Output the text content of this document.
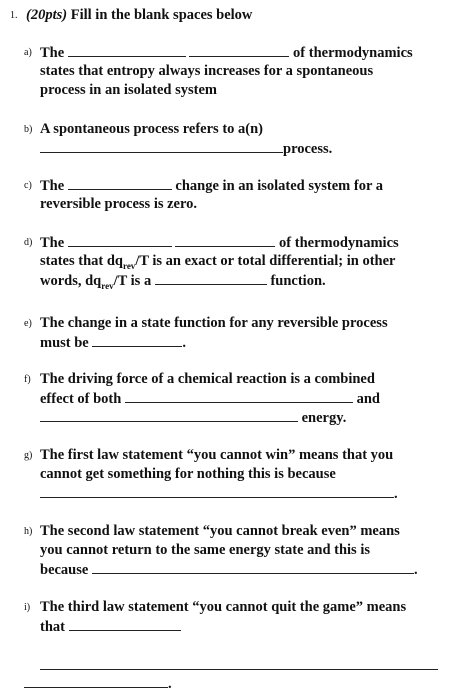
1. (20pts) Fill in the blank spaces below
a) The	of thermodynamics
states that entropy always increases for a spontaneous
process in an isolated system
b) A spontaneous process refers to a(n)
process.
c) The	change in an isolated system for a
reversible process is zero.
d) The	of thermodynamics
states that $dq_{rev}/T$ is an exact or total differential; in other
words, $dq_{rev}/T$ is a	function.
e) The change in a state function for any reversible process
must be	.
f) The driving force of a chemical reaction is a combined
effect of both	and
energy.
g) The first law statement “you cannot win” means that you
cannot get something for nothing this is because
.
h) The second law statement “you cannot break even” means
you cannot return to the same energy state and this is
because	.
i) The third law statement “you cannot quit the game” means
that
.
